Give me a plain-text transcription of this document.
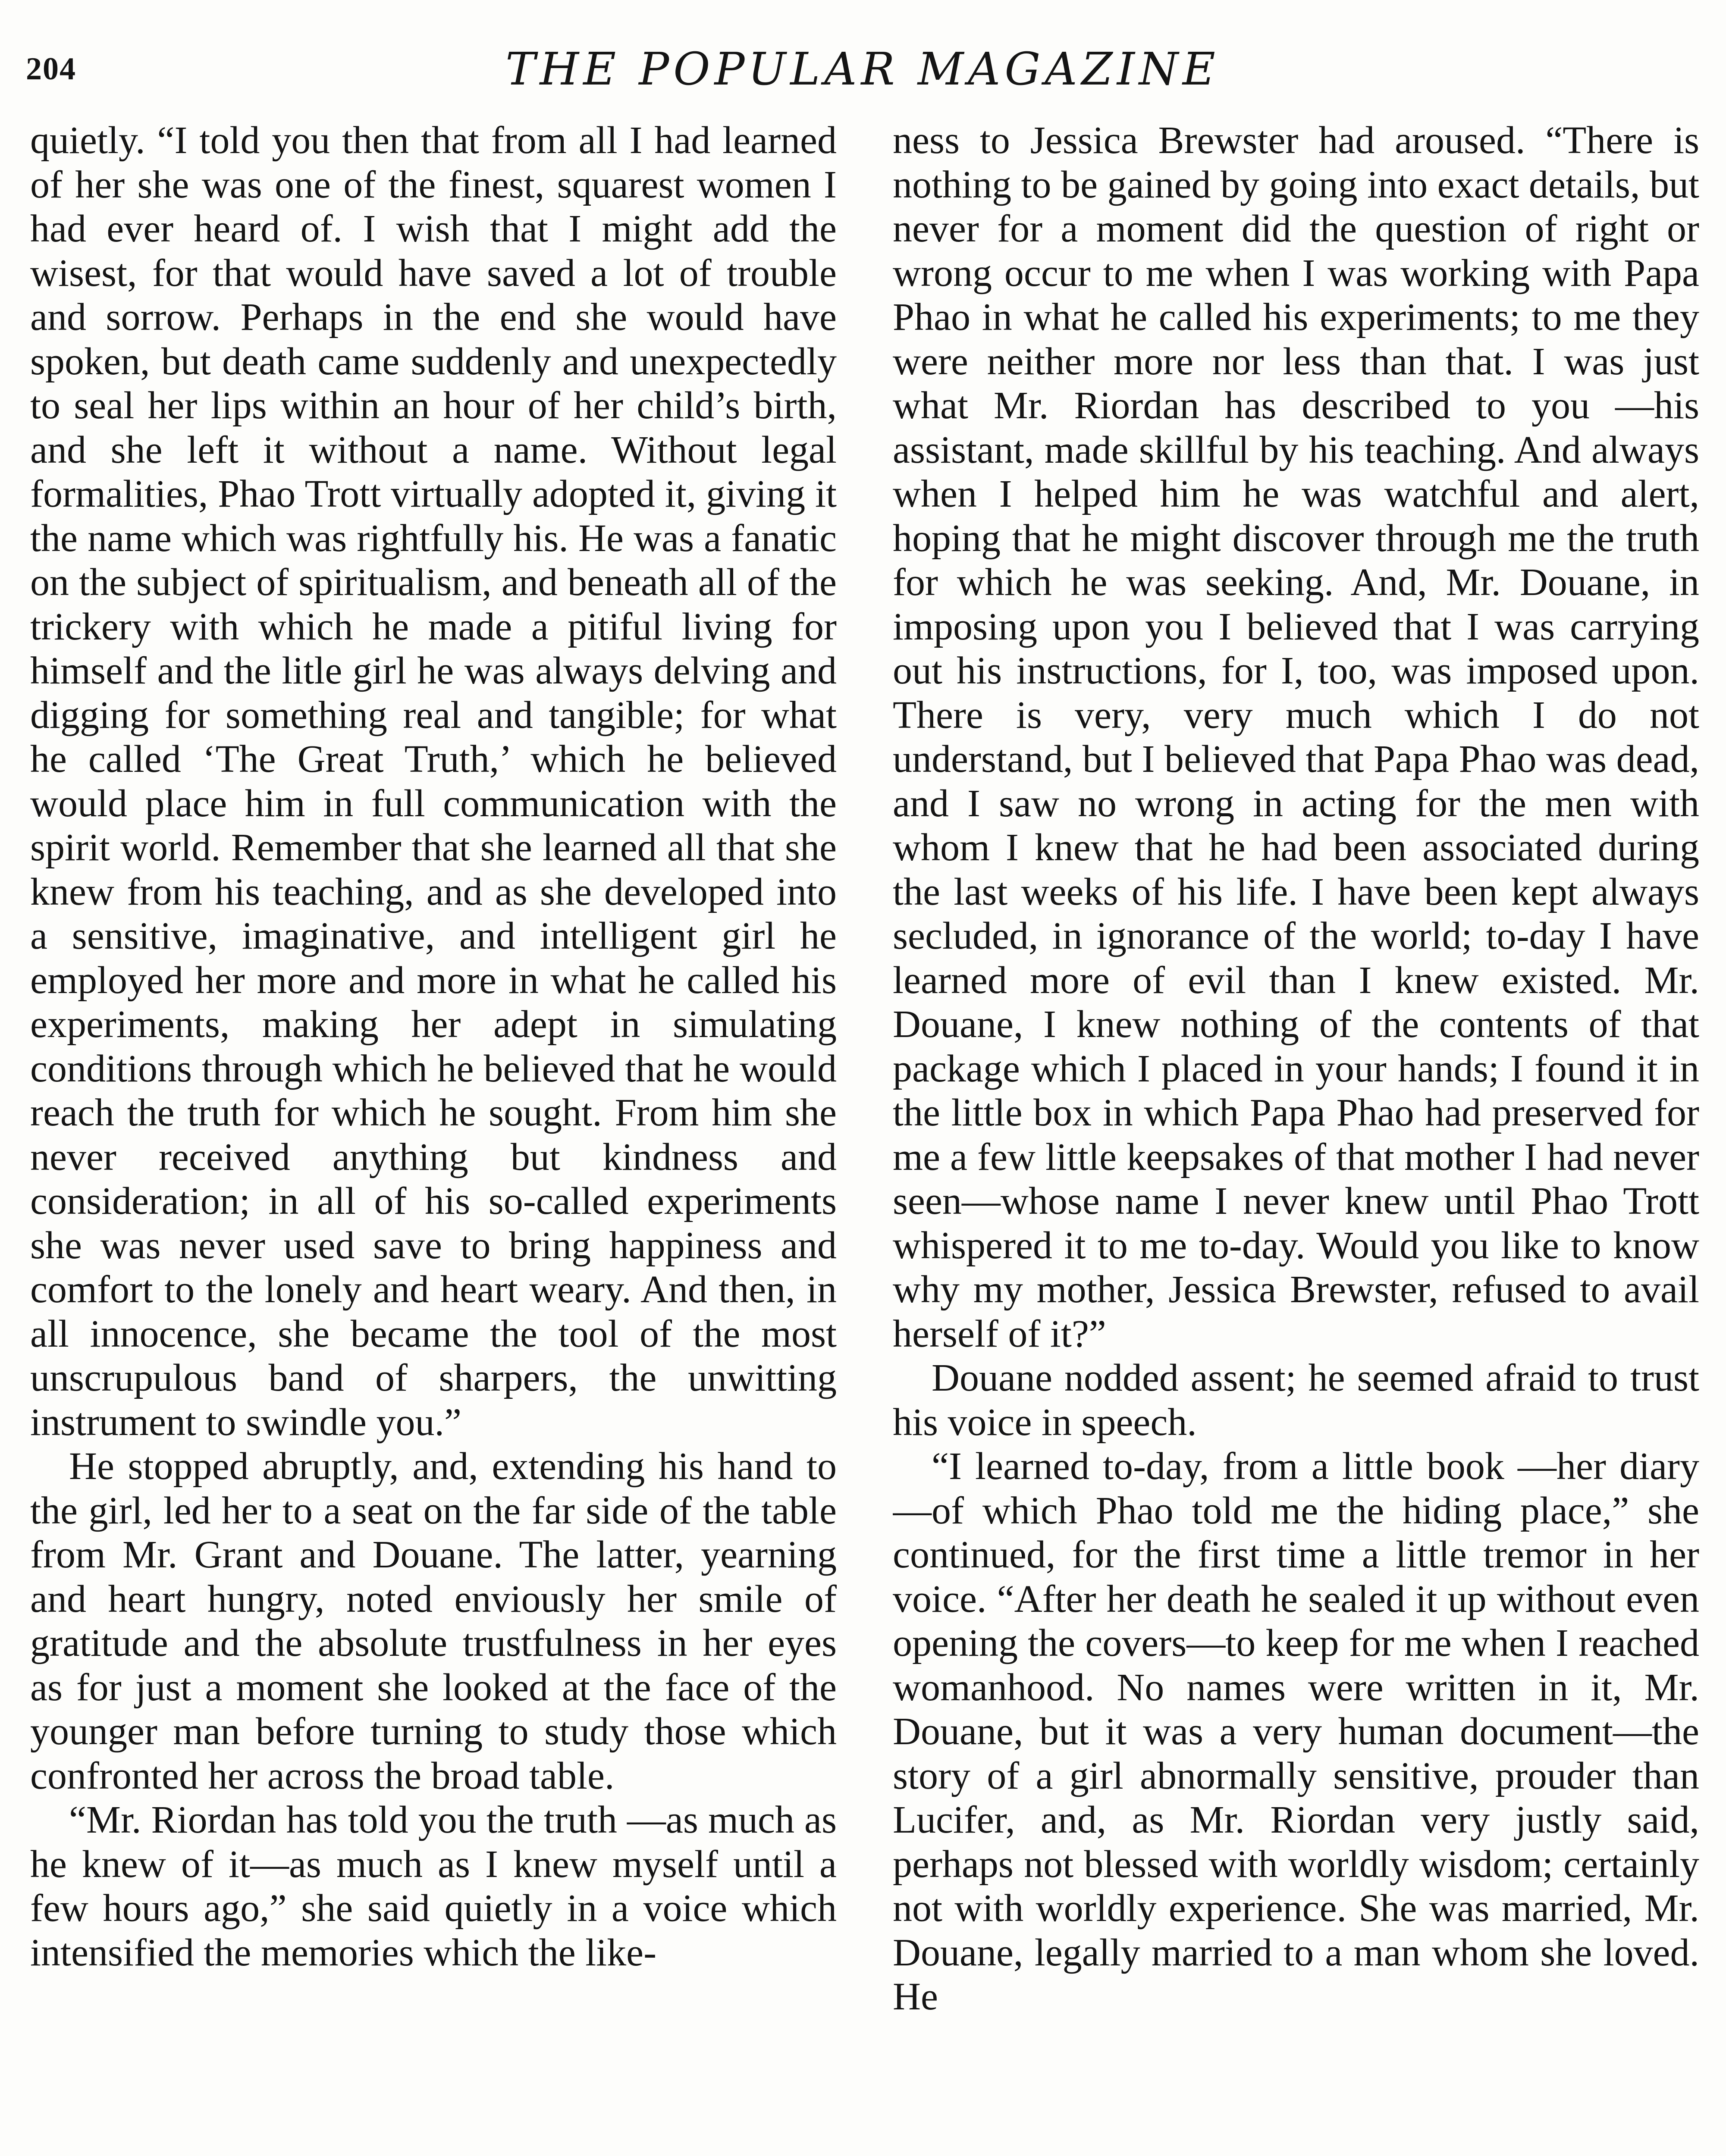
204	THE POPULAR MAGAZINE

quietly. “I told you then that from all I had learned of her she was one of the finest, squarest women I had ever heard of. I wish that I might add the wisest, for that would have saved a lot of trouble and sorrow. Perhaps in the end she would have spoken, but death came suddenly and unexpectedly to seal her lips within an hour of her child’s birth, and she left it without a name. Without legal formalities, Phao Trott virtually adopted it, giving it the name which was rightfully his. He was a fanatic on the subject of spiritualism, and beneath all of the trickery with which he made a pitiful living for himself and the litle girl he was always delving and digging for something real and tangible; for what he called ‘The Great Truth,’ which he believed would place him in full communication with the spirit world. Remember that she learned all that she knew from his teaching, and as she developed into a sensitive, imaginative, and intelligent girl he employed her more and more in what he called his experiments, making her adept in simulating conditions through which he believed that he would reach the truth for which he sought. From him she never received anything but kindness and consideration; in all of his so-called experiments she was never used save to bring happiness and comfort to the lonely and heart weary. And then, in all innocence, she became the tool of the most unscrupulous band of sharpers, the unwitting instrument to swindle you.”

He stopped abruptly, and, extending his hand to the girl, led her to a seat on the far side of the table from Mr. Grant and Douane. The latter, yearning and heart hungry, noted enviously her smile of gratitude and the absolute trustfulness in her eyes as for just a moment she looked at the face of the younger man before turning to study those which confronted her across the broad table.

“Mr. Riordan has told you the truth —as much as he knew of it—as much as I knew myself until a few hours ago,” she said quietly in a voice which intensified the memories which the like-

ness to Jessica Brewster had aroused. “There is nothing to be gained by going into exact details, but never for a moment did the question of right or wrong occur to me when I was working with Papa Phao in what he called his experiments; to me they were neither more nor less than that. I was just what Mr. Riordan has described to you —his assistant, made skillful by his teaching. And always when I helped him he was watchful and alert, hoping that he might discover through me the truth for which he was seeking. And, Mr. Douane, in imposing upon you I believed that I was carrying out his instructions, for I, too, was imposed upon. There is very, very much which I do not understand, but I believed that Papa Phao was dead, and I saw no wrong in acting for the men with whom I knew that he had been associated during the last weeks of his life. I have been kept always secluded, in ignorance of the world; to-day I have learned more of evil than I knew existed. Mr. Douane, I knew nothing of the contents of that package which I placed in your hands; I found it in the little box in which Papa Phao had preserved for me a few little keepsakes of that mother I had never seen—whose name I never knew until Phao Trott whispered it to me to-day. Would you like to know why my mother, Jessica Brewster, refused to avail herself of it?”

Douane nodded assent; he seemed afraid to trust his voice in speech.

“I learned to-day, from a little book —her diary—of which Phao told me the hiding place,” she continued, for the first time a little tremor in her voice. “After her death he sealed it up without even opening the covers—to keep for me when I reached womanhood. No names were written in it, Mr. Douane, but it was a very human document—the story of a girl abnormally sensitive, prouder than Lucifer, and, as Mr. Riordan very justly said, perhaps not blessed with worldly wisdom; certainly not with worldly experience. She was married, Mr. Douane, legally married to a man whom she loved. He
